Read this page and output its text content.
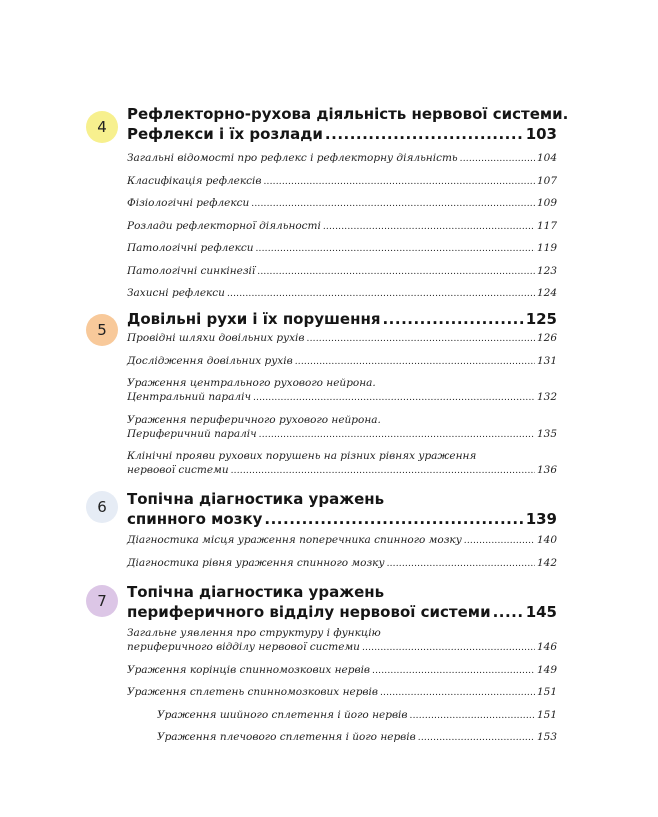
4
Рефлекторно-рухова діяльність нервової системи.
Рефлекси і їх розлади .....	103
Загальні відомості про рефлекс і рефлекторну діяльність .....	104
Класифікація рефлексів .....	107
Фізіологічні рефлекси .....	109
Розлади рефлекторної діяльності .....	117
Патологічні рефлекси .....	119
Патологічні синкінезії .....	123
Захисні рефлекси .....	124
5
Довільні рухи і їх порушення .....	125
Провідні шляхи довільних рухів .....	126
Дослідження довільних рухів .....	131
Ураження центрального рухового нейрона.
Центральний параліч .....	132
Ураження периферичного рухового нейрона.
Периферичний параліч .....	135
Клінічні прояви рухових порушень на різних рівнях ураження
нервової системи .....	136
6	Топічна діагностика уражень
спинного мозку .....	139
Діагностика місця ураження поперечника спинного мозку .....	140
Діагностика рівня ураження спинного мозку .....	142
7	Топічна діагностика уражень
периферичного відділу нервової системи ..... 145
Загальне уявлення про структуру і функцію
периферичного відділу нервової системи .....	146
Ураження корінців спинномозкових нервів .....	149
Ураження сплетень спинномозкових нервів .....	151
Ураження шийного сплетення і його нервів .....	151
Ураження плечового сплетення і його нервів .....	153
